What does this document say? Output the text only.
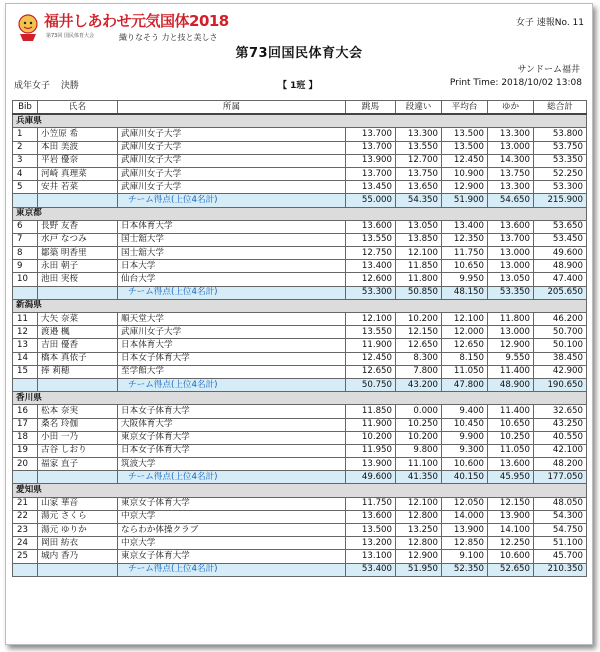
福井しあわせ元気国体2018
第73回 国民体育大会	織りなそう 力と技と美しさ
女子 速報No. 11
第73回国民体育大会
サンドーム福井
成年女子 決勝	【 1班 】	Print Time: 2018/10/02 13:08
Bib	氏名	所属	跳馬	段違い	平均台	ゆか	総合計
兵庫県							
1	小笠原 希	武庫川女子大学	13.700	13.300	13.500	13.300	53.800
2	本田 美波	武庫川女子大学	13.700	13.550	13.500	13.000	53.750
3	平岩 優奈	武庫川女子大学	13.900	12.700	12.450	14.300	53.350
4	河崎 真理菜	武庫川女子大学	13.700	13.750	10.900	13.750	52.250
5	安井 若菜	武庫川女子大学	13.450	13.650	12.900	13.300	53.300
		チーム得点(上位4名計)	55.000	54.350	51.900	54.650	215.900
東京都							
6	長野 友香	日本体育大学	13.600	13.050	13.400	13.600	53.650
7	水戸 なつみ	国士舘大学	13.550	13.850	12.350	13.700	53.450
8	鄒築 明香里	国士舘大学	12.750	12.100	11.750	13.000	49.600
9	永田 朝子	日本大学	13.400	11.850	10.650	13.000	48.900
10	池田 実桜	仙台大学	12.600	11.800	9.950	13.050	47.400
		チーム得点(上位4名計)	53.300	50.850	48.150	53.350	205.650
新潟県							
11	大矢 奈菜	順天堂大学	12.100	10.200	12.100	11.800	46.200
12	渡邉 楓	武庫川女子大学	13.550	12.150	12.000	13.000	50.700
13	吉田 優香	日本体育大学	11.900	12.650	12.650	12.900	50.100
14	橋本 真依子	日本女子体育大学	12.450	8.300	8.150	9.550	38.450
15	捧 莉穂	至学館大学	12.650	7.800	11.050	11.400	42.900
		チーム得点(上位4名計)	50.750	43.200	47.800	48.900	190.650
香川県							
16	松本 奈実	日本女子体育大学	11.850	0.000	9.400	11.400	32.650
17	桑名 玲伽	大阪体育大学	11.900	10.250	10.450	10.650	43.250
18	小田 一乃	東京女子体育大学	10.200	10.200	9.900	10.250	40.550
19	古谷 しおり	日本女子体育大学	11.950	9.800	9.300	11.050	42.100
20	福家 直子	筑波大学	13.900	11.100	10.600	13.600	48.200
		チーム得点(上位4名計)	49.600	41.350	40.150	45.950	177.050
愛知県							
21	山家 華音	東京女子体育大学	11.750	12.100	12.050	12.150	48.050
22	湯元 さくら	中京大学	13.600	12.800	14.000	13.900	54.300
23	湯元 ゆりか	ならわか体操クラブ	13.500	13.250	13.900	14.100	54.750
24	岡田 紡衣	中京大学	13.200	12.800	12.850	12.250	51.100
25	城内 香乃	東京女子体育大学	13.100	12.900	9.100	10.600	45.700
		チーム得点(上位4名計)	53.400	51.950	52.350	52.650	210.350
